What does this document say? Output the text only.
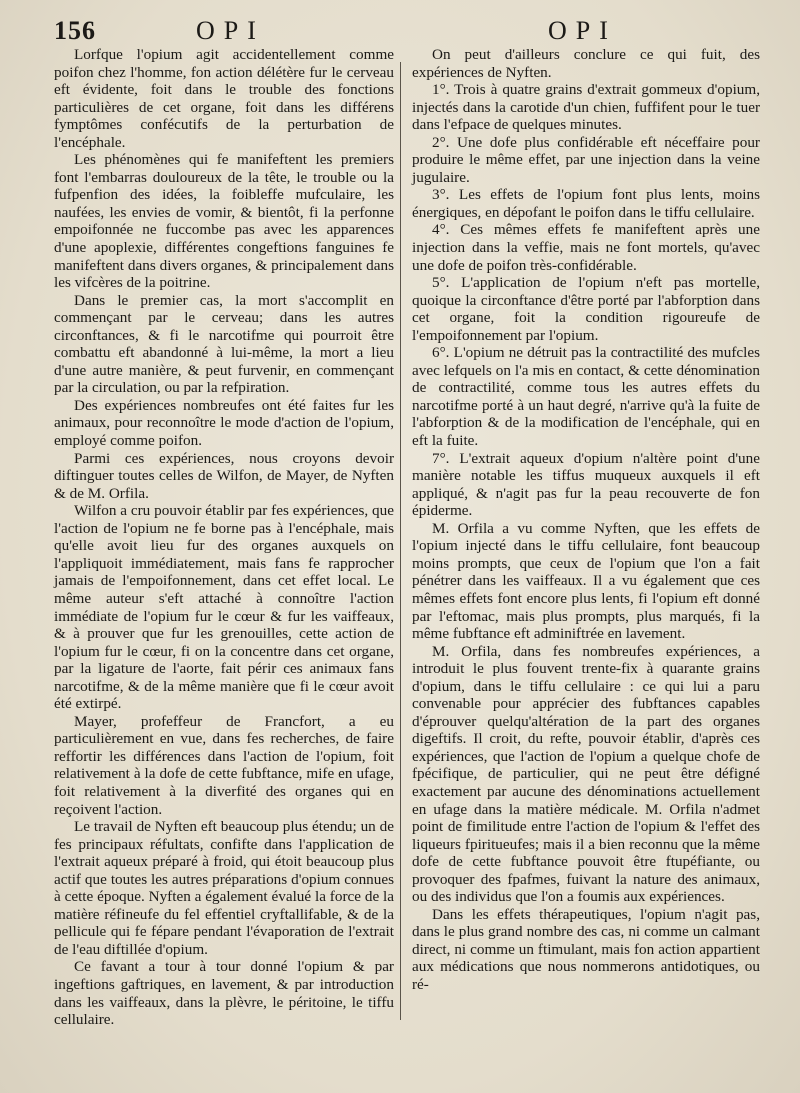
156	OPI	OPI

Lorfque l'opium agit accidentellement comme poifon chez l'homme, fon action délétère fur le cerveau eft évidente, foit dans le trouble des fonctions particulières de cet organe, foit dans les différens fymptômes confécutifs de la perturbation de l'encéphale.

Les phénomènes qui fe manifeftent les premiers font l'embarras douloureux de la tête, le trouble ou la fufpenfion des idées, la foibleffe mufculaire, les naufées, les envies de vomir, & bientôt, fi la perfonne empoifonnée ne fuccombe pas avec les apparences d'une apoplexie, différentes congeftions fanguines fe manifeftent dans divers organes, & principalement dans les vifcères de la poitrine.

Dans le premier cas, la mort s'accomplit en commençant par le cerveau; dans les autres circonftances, & fi le narcotifme qui pourroit être combattu eft abandonné à lui-même, la mort a lieu d'une autre manière, & peut furvenir, en commençant par la circulation, ou par la refpiration.

Des expériences nombreufes ont été faites fur les animaux, pour reconnoître le mode d'action de l'opium, employé comme poifon.

Parmi ces expériences, nous croyons devoir diftinguer toutes celles de Wilfon, de Mayer, de Nyften & de M. Orfila.

Wilfon a cru pouvoir établir par fes expériences, que l'action de l'opium ne fe borne pas à l'encéphale, mais qu'elle avoit lieu fur des organes auxquels on l'appliquoit immédiatement, mais fans fe rapprocher jamais de l'empoifonnement, dans cet effet local. Le même auteur s'eft attaché à connoître l'action immédiate de l'opium fur le cœur & fur les vaiffeaux, & à prouver que fur les grenouilles, cette action de l'opium fur le cœur, fi on la concentre dans cet organe, par la ligature de l'aorte, fait périr ces animaux fans narcotifme, & de la même manière que fi le cœur avoit été extirpé.

Mayer, profeffeur de Francfort, a eu particulièrement en vue, dans fes recherches, de faire reffortir les différences dans l'action de l'opium, foit relativement à la dofe de cette fubftance, mife en ufage, foit relativement à la diverfité des organes qui en reçoivent l'action.

Le travail de Nyften eft beaucoup plus étendu; un de fes principaux réfultats, confifte dans l'application de l'extrait aqueux préparé à froid, qui étoit beaucoup plus actif que toutes les autres préparations d'opium connues à cette époque. Nyften a également évalué la force de la matière réfineufe du fel effentiel cryftallifable, & de la pellicule qui fe fépare pendant l'évaporation de l'extrait de l'eau diftillée d'opium.

Ce favant a tour à tour donné l'opium & par ingeftions gaftriques, en lavement, & par introduction dans les vaiffeaux, dans la plèvre, le péritoine, le tiffu cellulaire.

On peut d'ailleurs conclure ce qui fuit, des expériences de Nyften.

1°. Trois à quatre grains d'extrait gommeux d'opium, injectés dans la carotide d'un chien, fuffifent pour le tuer dans l'efpace de quelques minutes.

2°. Une dofe plus confidérable eft néceffaire pour produire le même effet, par une injection dans la veine jugulaire.

3°. Les effets de l'opium font plus lents, moins énergiques, en dépofant le poifon dans le tiffu cellulaire.

4°. Ces mêmes effets fe manifeftent après une injection dans la veffie, mais ne font mortels, qu'avec une dofe de poifon très-confidérable.

5°. L'application de l'opium n'eft pas mortelle, quoique la circonftance d'être porté par l'abforption dans cet organe, foit la condition rigoureufe de l'empoifonnement par l'opium.

6°. L'opium ne détruit pas la contractilité des mufcles avec lefquels on l'a mis en contact, & cette dénomination de contractilité, comme tous les autres effets du narcotifme porté à un haut degré, n'arrive qu'à la fuite de l'abforption & de la modification de l'encéphale, qui en eft la fuite.

7°. L'extrait aqueux d'opium n'altère point d'une manière notable les tiffus muqueux auxquels il eft appliqué, & n'agit pas fur la peau recouverte de fon épiderme.

M. Orfila a vu comme Nyften, que les effets de l'opium injecté dans le tiffu cellulaire, font beaucoup moins prompts, que ceux de l'opium que l'on a fait pénétrer dans les vaiffeaux. Il a vu également que ces mêmes effets font encore plus lents, fi l'opium eft donné par l'eftomac, mais plus prompts, plus marqués, fi la même fubftance eft adminiftrée en lavement.

M. Orfila, dans fes nombreufes expériences, a introduit le plus fouvent trente-fix à quarante grains d'opium, dans le tiffu cellulaire : ce qui lui a paru convenable pour apprécier des fubftances capables d'éprouver quelqu'altération de la part des organes digeftifs. Il croit, du refte, pouvoir établir, d'après ces expériences, que l'action de l'opium a quelque chofe de fpécifique, de particulier, qui ne peut être défigné exactement par aucune des dénominations actuellement en ufage dans la matière médicale. M. Orfila n'admet point de fimilitude entre l'action de l'opium & l'effet des liqueurs fpiritueufes; mais il a bien reconnu que la même dofe de cette fubftance pouvoit être ftupéfiante, ou provoquer des fpafmes, fuivant la nature des animaux, ou des individus que l'on a foumis aux expériences.

Dans les effets thérapeutiques, l'opium n'agit pas, dans le plus grand nombre des cas, ni comme un calmant direct, ni comme un ftimulant, mais fon action appartient aux médications que nous nommerons antidotiques, ou ré-
